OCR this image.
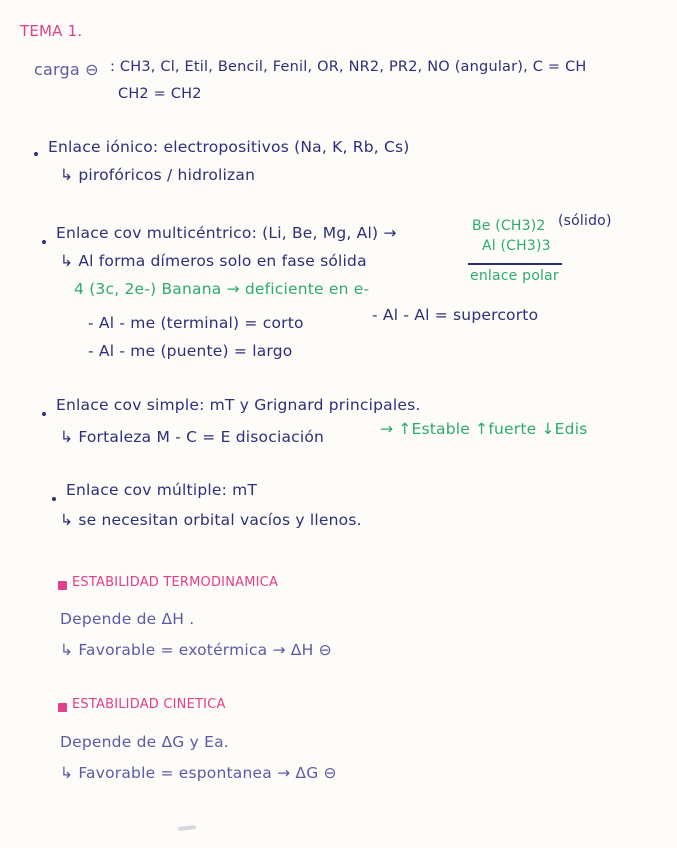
TEMA 1.
carga ⊖ : CH3, Cl, Etil, Bencil, Fenil, OR, NR2, PR2, NO (angular), C = CH
CH2 = CH2
Enlace iónico: electropositivos (Na, K, Rb, Cs)
↳ pirofóricos / hidrolizan
Enlace cov multicéntrico: (Li, Be, Mg, Al) →	Be (CH3)2 (sólido)
Al (CH3)3
enlace polar
↳ Al forma dímeros solo en fase sólida
4 (3c, 2e-) Banana → deficiente en e-
- Al - me (terminal) = corto	- Al - Al = supercorto
- Al - me (puente) = largo
Enlace cov simple: mT y Grignard principales.
↳ Fortaleza M - C = E disociación	→ ↑Estable ↑fuerte ↓Edis
Enlace cov múltiple: mT
↳ se necesitan orbital vacíos y llenos.
ESTABILIDAD TERMODINAMICA
Depende de ΔH .
↳ Favorable = exotérmica → ΔH ⊖
ESTABILIDAD CINETICA
Depende de ΔG y Ea.
↳ Favorable = espontanea → ΔG ⊖
